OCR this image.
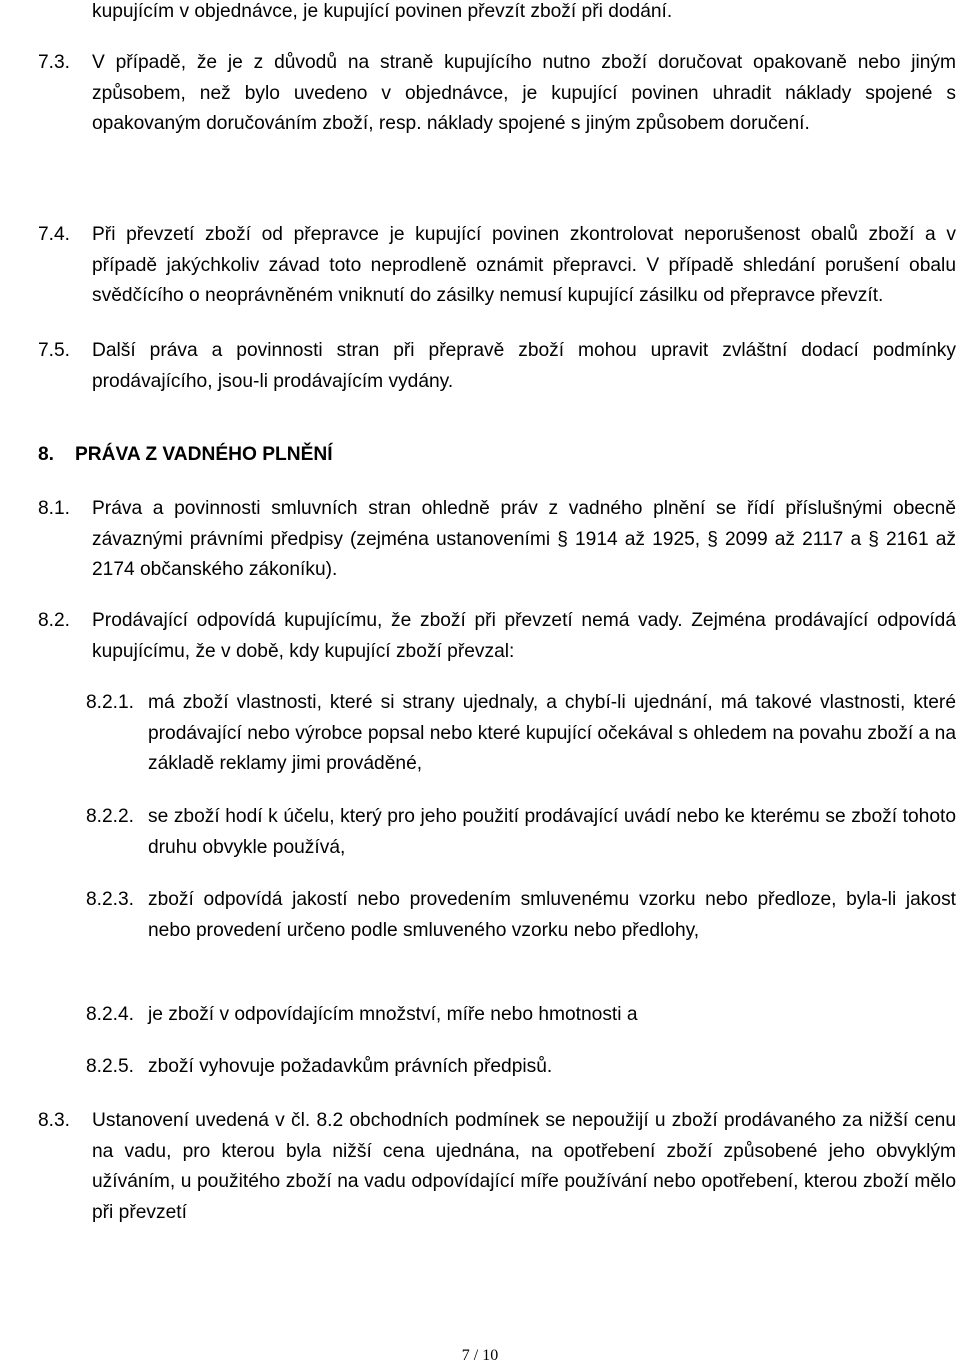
kupujícím v objednávce, je kupující povinen převzít zboží při dodání.

7.3. V případě, že je z důvodů na straně kupujícího nutno zboží doručovat opakovaně nebo jiným způsobem, než bylo uvedeno v objednávce, je kupující povinen uhradit náklady spojené s opakovaným doručováním zboží, resp. náklady spojené s jiným způsobem doručení.
7.4. Při převzetí zboží od přepravce je kupující povinen zkontrolovat neporušenost obalů zboží a v případě jakýchkoliv závad toto neprodleně oznámit přepravci. V případě shledání porušení obalu svědčícího o neoprávněném vniknutí do zásilky nemusí kupující zásilku od přepravce převzít.
7.5. Další práva a povinnosti stran při přepravě zboží mohou upravit zvláštní dodací podmínky prodávajícího, jsou-li prodávajícím vydány.
8. PRÁVA Z VADNÉHO PLNĚNÍ
8.1. Práva a povinnosti smluvních stran ohledně práv z vadného plnění se řídí příslušnými obecně závaznými právními předpisy (zejména ustanoveními § 1914 až 1925, § 2099 až 2117 a § 2161 až 2174 občanského zákoníku).
8.2. Prodávající odpovídá kupujícímu, že zboží při převzetí nemá vady. Zejména prodávající odpovídá kupujícímu, že v době, kdy kupující zboží převzal:
8.2.1. má zboží vlastnosti, které si strany ujednaly, a chybí-li ujednání, má takové vlastnosti, které prodávající nebo výrobce popsal nebo které kupující očekával s ohledem na povahu zboží a na základě reklamy jimi prováděné,
8.2.2. se zboží hodí k účelu, který pro jeho použití prodávající uvádí nebo ke kterému se zboží tohoto druhu obvykle používá,
8.2.3. zboží odpovídá jakostí nebo provedením smluvenému vzorku nebo předloze, byla-li jakost nebo provedení určeno podle smluveného vzorku nebo předlohy,
8.2.4. je zboží v odpovídajícím množství, míře nebo hmotnosti a
8.2.5. zboží vyhovuje požadavkům právních předpisů.
8.3. Ustanovení uvedená v čl. 8.2 obchodních podmínek se nepoužijí u zboží prodávaného za nižší cenu na vadu, pro kterou byla nižší cena ujednána, na opotřebení zboží způsobené jeho obvyklým užíváním, u použitého zboží na vadu odpovídající míře používání nebo opotřebení, kterou zboží mělo při převzetí
7 / 10
